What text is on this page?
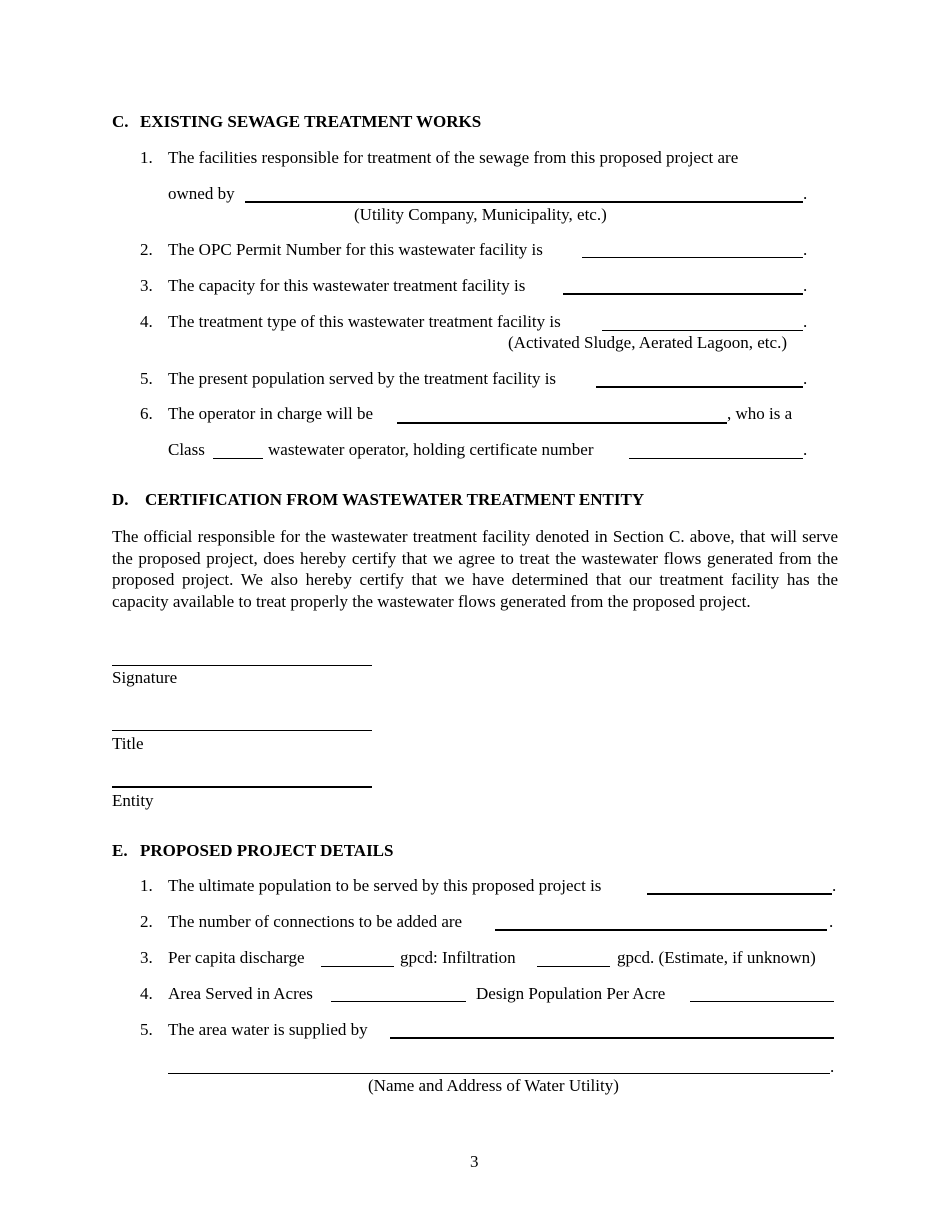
C. EXISTING SEWAGE TREATMENT WORKS
1. The facilities responsible for treatment of the sewage from this proposed project are
owned by	.
(Utility Company, Municipality, etc.)
2. The OPC Permit Number for this wastewater facility is	.
3. The capacity for this wastewater treatment facility is	.
4. The treatment type of this wastewater treatment facility is	.
(Activated Sludge, Aerated Lagoon, etc.)
5. The present population served by the treatment facility is	.
6. The operator in charge will be	, who is a
Class	wastewater operator, holding certificate number	.
D. CERTIFICATION FROM WASTEWATER TREATMENT ENTITY
The official responsible for the wastewater treatment facility denoted in Section C. above, that will serve the proposed project, does hereby certify that we agree to treat the wastewater flows generated from the proposed project. We also hereby certify that we have determined that our treatment facility has the capacity available to treat properly the wastewater flows generated from the proposed project.
Signature
Title
Entity
E. PROPOSED PROJECT DETAILS
1. The ultimate population to be served by this proposed project is	.
2. The number of connections to be added are	.
3. Per capita discharge	gpcd: Infiltration	gpcd. (Estimate, if unknown)
4. Area Served in Acres	Design Population Per Acre
5. The area water is supplied by
.
(Name and Address of Water Utility)
3
